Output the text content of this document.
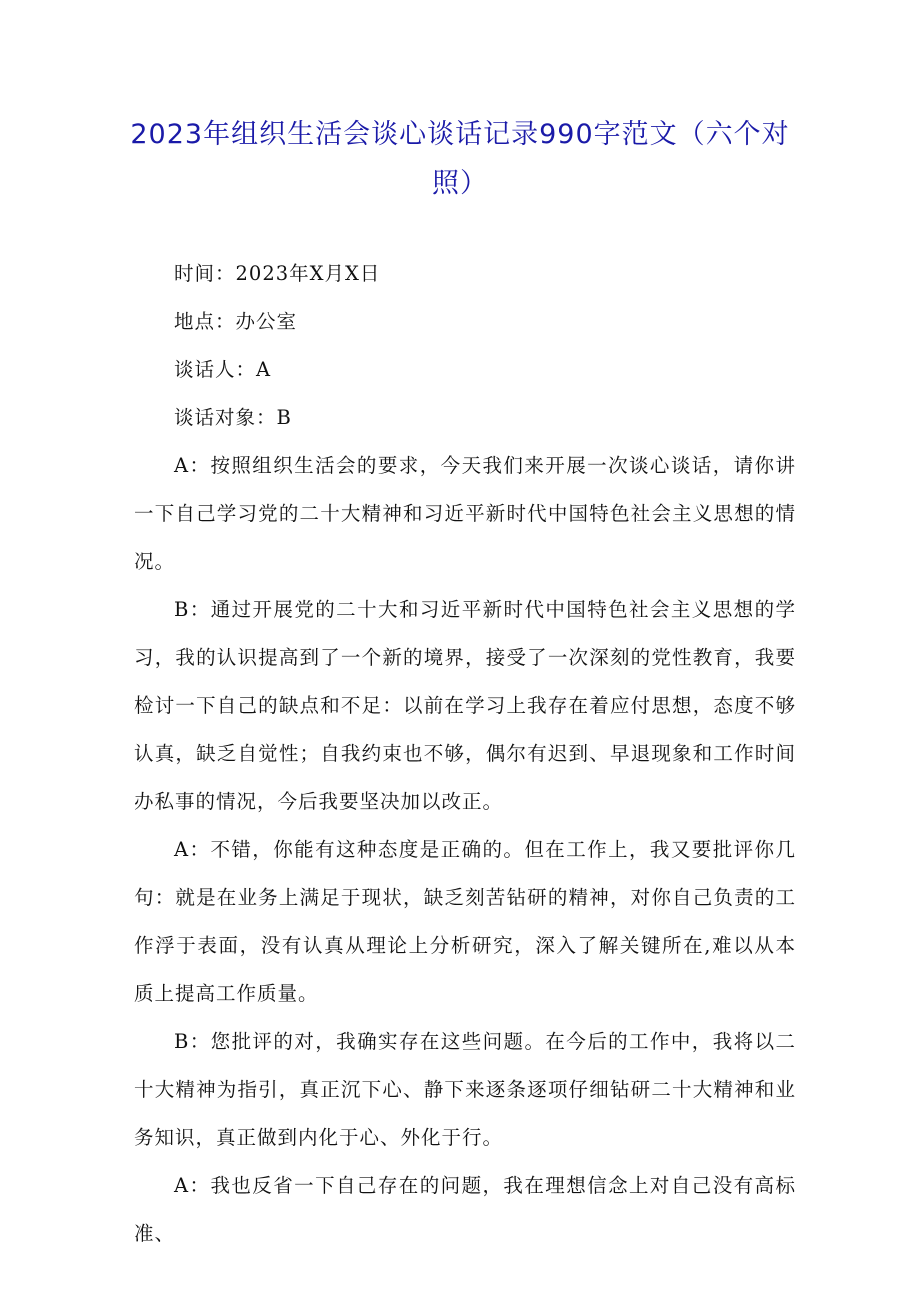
2023年组织生活会谈心谈话记录990字范文（六个对照）

时间：2023年X月X日

地点：办公室

谈话人：A

谈话对象：B

A：按照组织生活会的要求，今天我们来开展一次谈心谈话，请你讲一下自己学习党的二十大精神和习近平新时代中国特色社会主义思想的情况。

B：通过开展党的二十大和习近平新时代中国特色社会主义思想的学习，我的认识提高到了一个新的境界，接受了一次深刻的党性教育，我要检讨一下自己的缺点和不足：以前在学习上我存在着应付思想，态度不够认真，缺乏自觉性；自我约束也不够，偶尔有迟到、早退现象和工作时间办私事的情况，今后我要坚决加以改正。

A：不错，你能有这种态度是正确的。但在工作上，我又要批评你几句：就是在业务上满足于现状，缺乏刻苦钻研的精神，对你自己负责的工作浮于表面，没有认真从理论上分析研究，深入了解关键所在,难以从本质上提高工作质量。

B：您批评的对，我确实存在这些问题。在今后的工作中，我将以二十大精神为指引，真正沉下心、静下来逐条逐项仔细钻研二十大精神和业务知识，真正做到内化于心、外化于行。

A：我也反省一下自己存在的问题，我在理想信念上对自己没有高标准、
